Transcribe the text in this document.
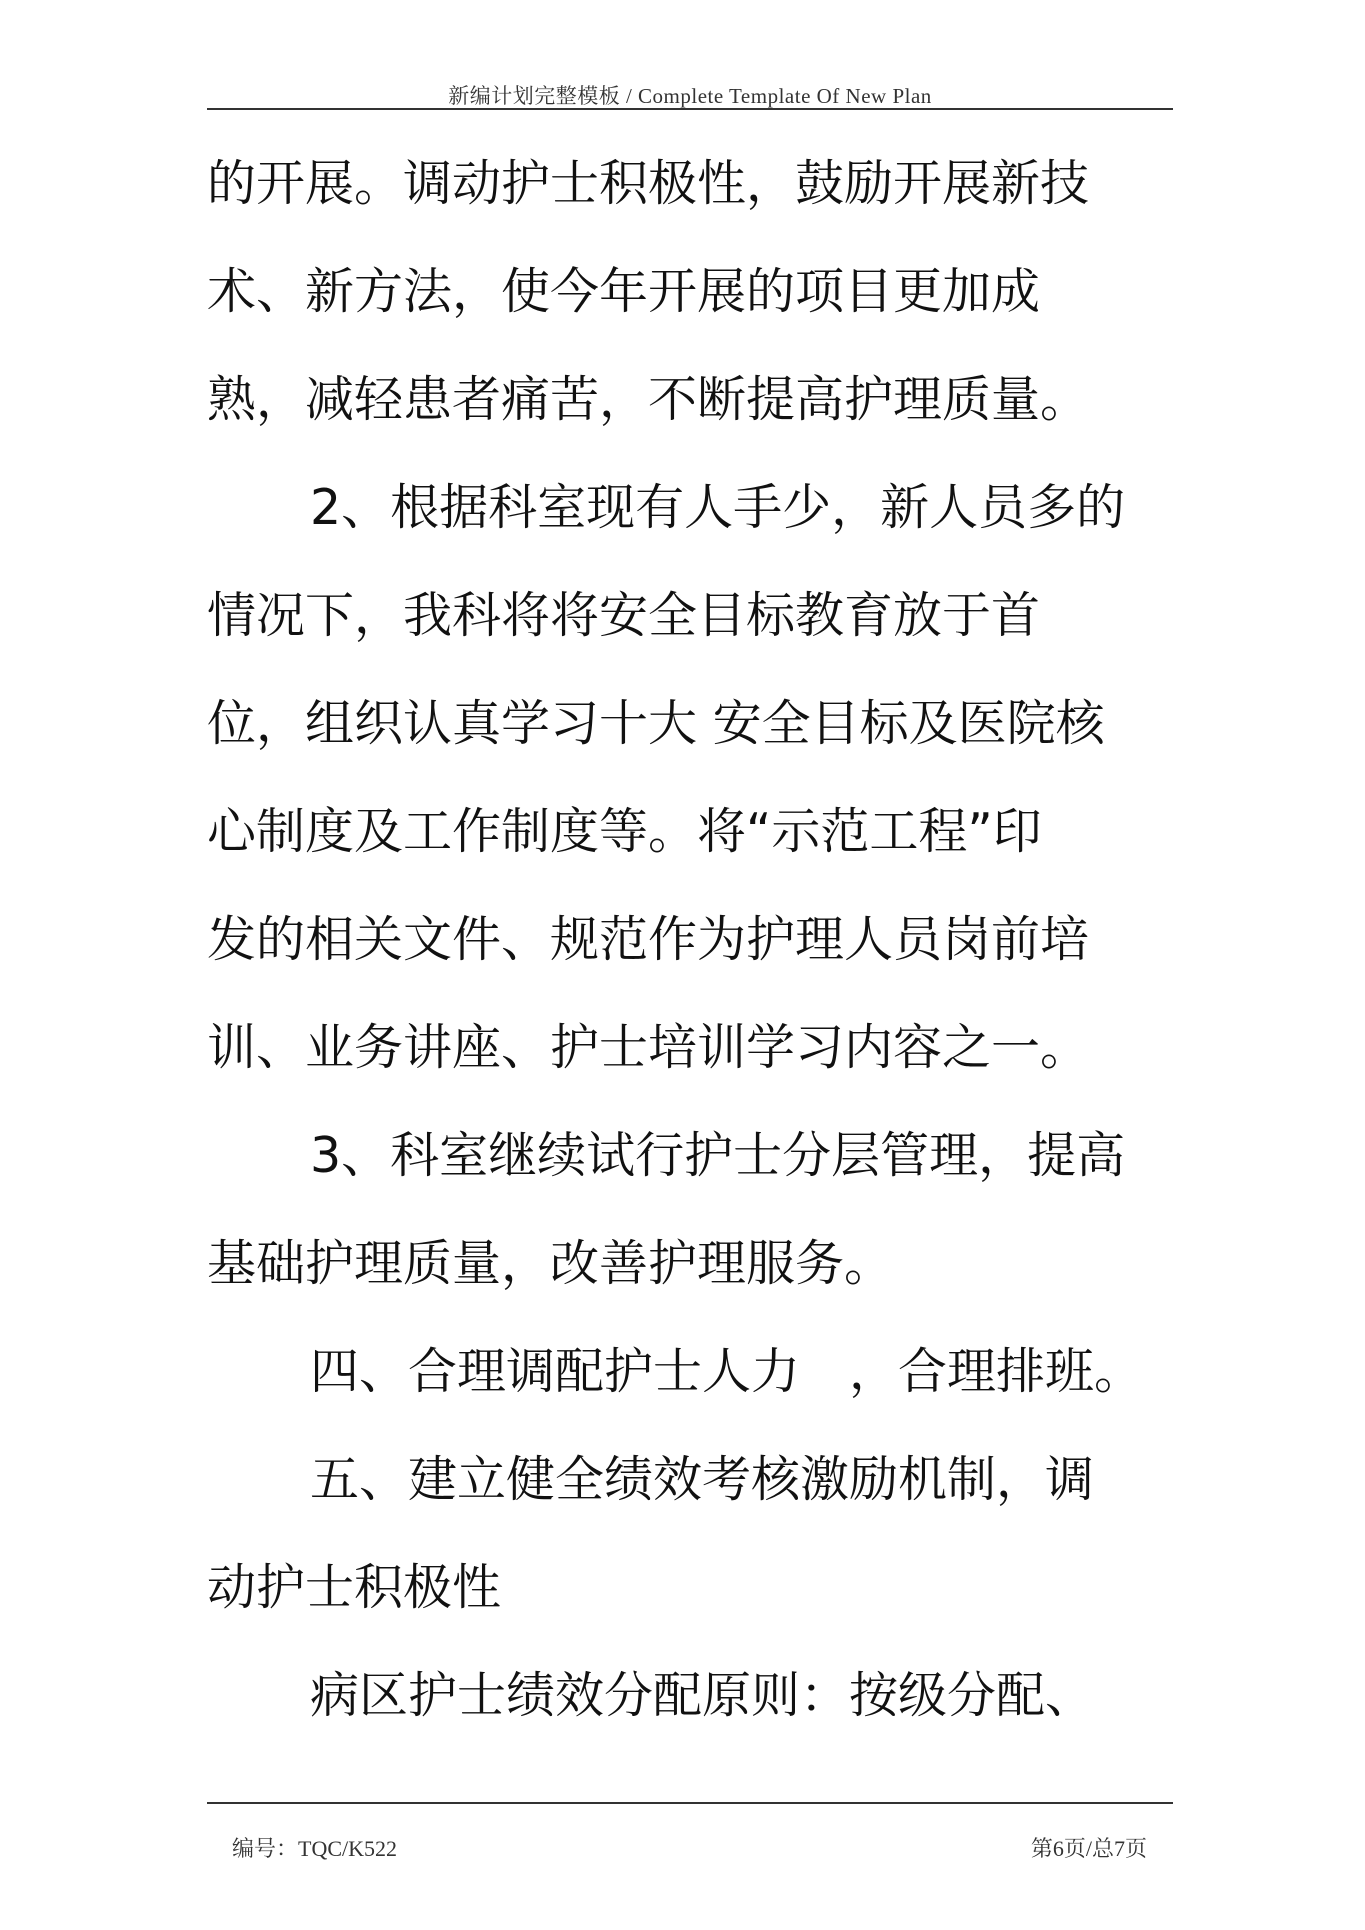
新编计划完整模板 / Complete Template Of New Plan
的开展。调动护士积极性，鼓励开展新技
术、新方法，使今年开展的项目更加成
熟，减轻患者痛苦，不断提高护理质量。
2、根据科室现有人手少，新人员多的
情况下，我科将将安全目标教育放于首
位，组织认真学习十大 安全目标及医院核
心制度及工作制度等。将“示范工程”印
发的相关文件、规范作为护理人员岗前培
训、业务讲座、护士培训学习内容之一。
3、科室继续试行护士分层管理，提高
基础护理质量，改善护理服务。
四、合理调配护士人力　，合理排班。
五、建立健全绩效考核激励机制，调
动护士积极性
病区护士绩效分配原则：按级分配、
编号：TQC/K522	第6页/总7页
